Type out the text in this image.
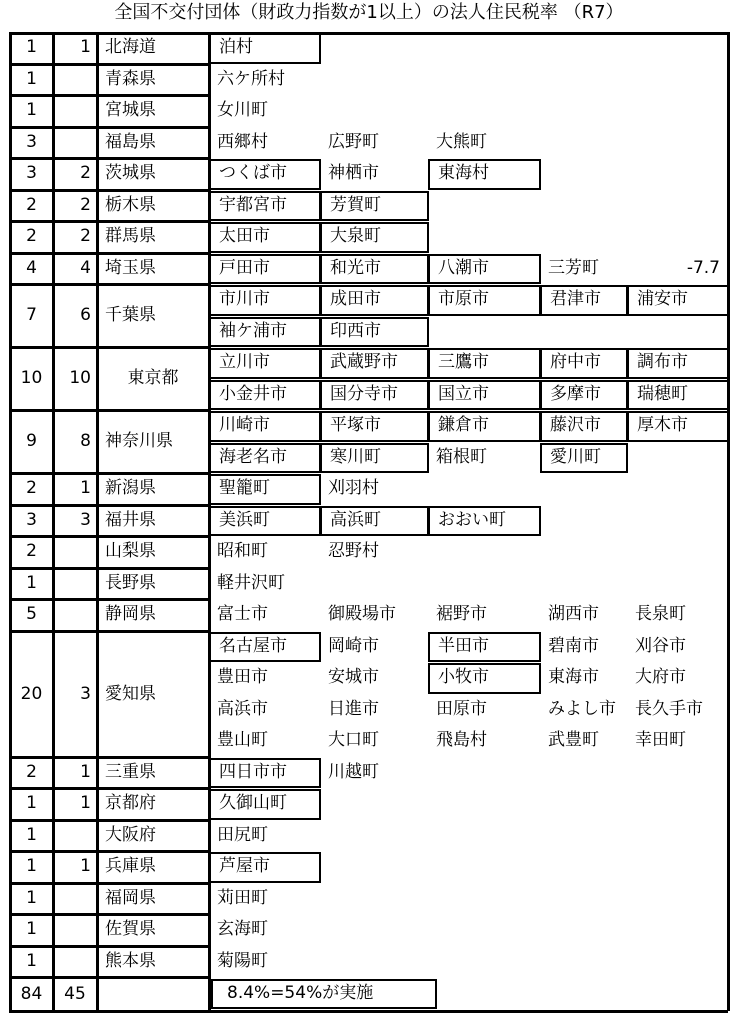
全国不交付団体（財政力指数が1以上）の法人住民税率 （R7）
1	1 北海道	泊村
1	青森県	六ケ所村
1	宮城県	女川町
3	福島県	西郷村	広野町	大熊町
3	2 茨城県	つくば市	神栖市	東海村
2	2 栃木県	宇都宮市	芳賀町
2	2 群馬県	太田市	大泉町
4	4 埼玉県	戸田市	和光市	八潮市	三芳町	-7.7
7	6 千葉県
市川市	成田市	市原市	君津市	浦安市
袖ケ浦市	印西市
10	10	東京都
立川市	武蔵野市	三鷹市	府中市	調布市
小金井市	国分寺市	国立市	多摩市	瑞穂町
9	8 神奈川県
川崎市	平塚市	鎌倉市	藤沢市	厚木市
海老名市	寒川町	箱根町	愛川町
2	1 新潟県	聖籠町	刈羽村
3	3 福井県	美浜町	高浜町	おおい町
2	山梨県	昭和町	忍野村
1	長野県	軽井沢町
5	静岡県	富士市	御殿場市	裾野市	湖西市	長泉町
20	3 愛知県
名古屋市	岡崎市	半田市	碧南市	刈谷市
豊田市	安城市	小牧市	東海市	大府市
高浜市	日進市	田原市	みよし市	長久手市
豊山町	大口町	飛島村	武豊町	幸田町
2	1 三重県	四日市市	川越町
1	1 京都府	久御山町
1	大阪府	田尻町
1	1 兵庫県	芦屋市
1	福岡県	苅田町
1	佐賀県	玄海町
1	熊本県	菊陽町
84	45	8.4%=54%が実施
